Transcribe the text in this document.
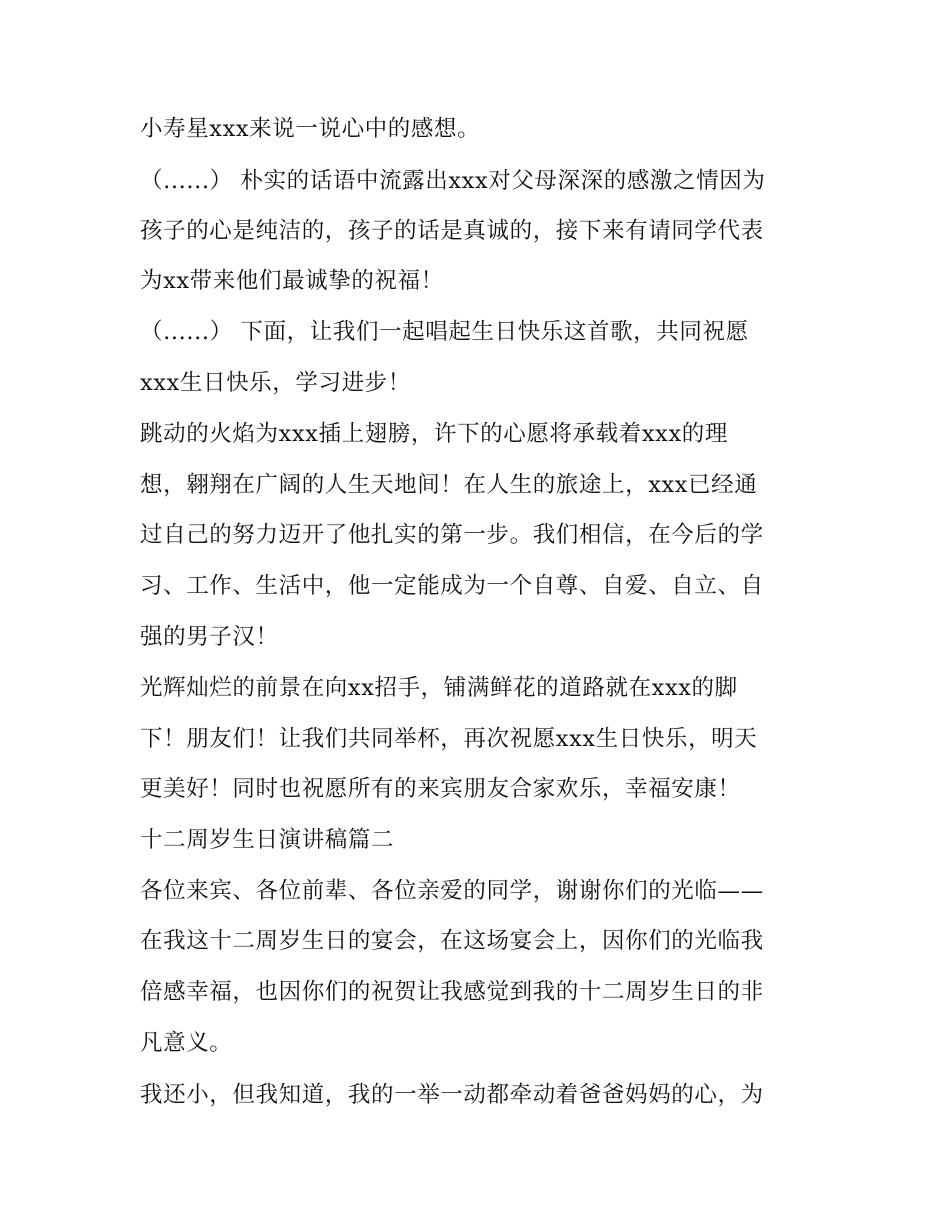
小寿星xxx来说一说心中的感想。

（......） 朴实的话语中流露出xxx对父母深深的感激之情因为

孩子的心是纯洁的，孩子的话是真诚的，接下来有请同学代表

为xx带来他们最诚挚的祝福！

（......） 下面，让我们一起唱起生日快乐这首歌，共同祝愿

xxx生日快乐，学习进步！

跳动的火焰为xxx插上翅膀，许下的心愿将承载着xxx的理

想，翱翔在广阔的人生天地间！在人生的旅途上，xxx已经通

过自己的努力迈开了他扎实的第一步。我们相信，在今后的学

习、工作、生活中，他一定能成为一个自尊、自爱、自立、自

强的男子汉！

光辉灿烂的前景在向xx招手，铺满鲜花的道路就在xxx的脚

下！朋友们！让我们共同举杯，再次祝愿xxx生日快乐，明天

更美好！同时也祝愿所有的来宾朋友合家欢乐，幸福安康！

十二周岁生日演讲稿篇二

各位来宾、各位前辈、各位亲爱的同学，谢谢你们的光临——

在我这十二周岁生日的宴会，在这场宴会上，因你们的光临我

倍感幸福，也因你们的祝贺让我感觉到我的十二周岁生日的非

凡意义。

我还小，但我知道，我的一举一动都牵动着爸爸妈妈的心，为
